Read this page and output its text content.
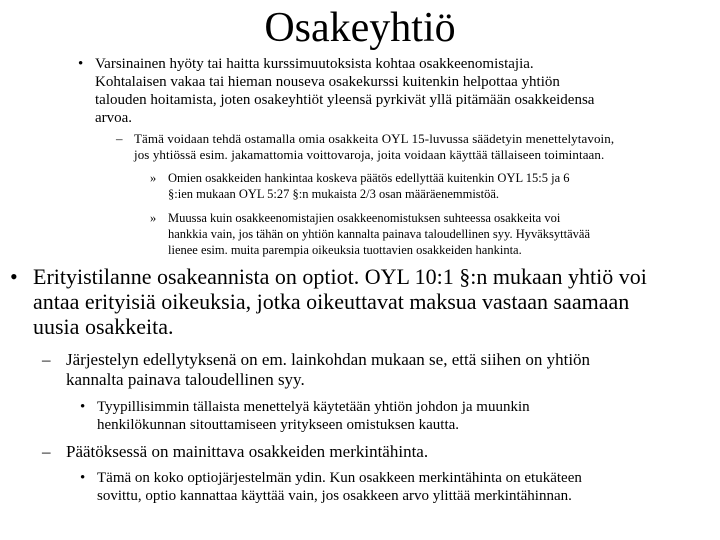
Osakeyhtiö
• Varsinainen hyöty tai haitta kurssimuutoksista kohtaa osakkeenomistajia.
Kohtalaisen vakaa tai hieman nouseva osakekurssi kuitenkin helpottaa yhtiön
talouden hoitamista, joten osakeyhtiöt yleensä pyrkivät yllä pitämään osakkeidensa
arvoa.
– Tämä voidaan tehdä ostamalla omia osakkeita OYL 15-luvussa säädetyin menettelytavoin,
jos yhtiössä esim. jakamattomia voittovaroja, joita voidaan käyttää tällaiseen toimintaan.
» Omien osakkeiden hankintaa koskeva päätös edellyttää kuitenkin OYL 15:5 ja 6
§:ien mukaan OYL 5:27 §:n mukaista 2/3 osan määräenemmistöä.
» Muussa kuin osakkeenomistajien osakkeenomistuksen suhteessa osakkeita voi
hankkia vain, jos tähän on yhtiön kannalta painava taloudellinen syy. Hyväksyttävää
lienee esim. muita parempia oikeuksia tuottavien osakkeiden hankinta.
• Erityistilanne osakeannista on optiot. OYL 10:1 §:n mukaan yhtiö voi
antaa erityisiä oikeuksia, jotka oikeuttavat maksua vastaan saamaan
uusia osakkeita.
– Järjestelyn edellytyksenä on em. lainkohdan mukaan se, että siihen on yhtiön
kannalta painava taloudellinen syy.
• Tyypillisimmin tällaista menettelyä käytetään yhtiön johdon ja muunkin
henkilökunnan sitouttamiseen yritykseen omistuksen kautta.
– Päätöksessä on mainittava osakkeiden merkintähinta.
• Tämä on koko optiojärjestelmän ydin. Kun osakkeen merkintähinta on etukäteen
sovittu, optio kannattaa käyttää vain, jos osakkeen arvo ylittää merkintähinnan.
